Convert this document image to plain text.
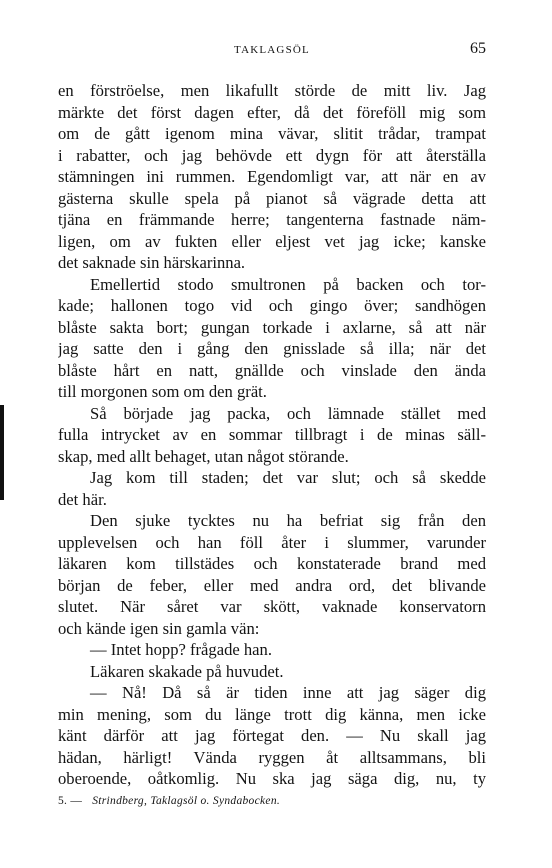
TAKLAGSÖL	65
en förströelse, men likafullt störde de mitt liv. Jag
märkte det först dagen efter, då det föreföll mig som
om de gått igenom mina vävar, slitit trådar, trampat
i rabatter, och jag behövde ett dygn för att återställa
stämningen ini rummen. Egendomligt var, att när en av
gästerna skulle spela på pianot så vägrade detta att
tjäna en främmande herre; tangenterna fastnade näm-
ligen, om av fukten eller eljest vet jag icke; kanske
det saknade sin härskarinna.
Emellertid stodo smultronen på backen och tor-
kade; hallonen togo vid och gingo över; sandhögen
blåste sakta bort; gungan torkade i axlarne, så att när
jag satte den i gång den gnisslade så illa; när det
blåste hårt en natt, gnällde och vinslade den ända
till morgonen som om den grät.
Så började jag packa, och lämnade stället med
fulla intrycket av en sommar tillbragt i de minas säll-
skap, med allt behaget, utan något störande.
Jag kom till staden; det var slut; och så skedde
det här.
Den sjuke tycktes nu ha befriat sig från den
upplevelsen och han föll åter i slummer, varunder
läkaren kom tillstädes och konstaterade brand med
början de feber, eller med andra ord, det blivande
slutet. När såret var skött, vaknade konservatorn
och kände igen sin gamla vän:
— Intet hopp? frågade han.
Läkaren skakade på huvudet.
— Nå! Då så är tiden inne att jag säger dig
min mening, som du länge trott dig känna, men icke
känt därför att jag förtegat den. — Nu skall jag
hädan, härligt! Vända ryggen åt alltsammans, bli
oberoende, oåtkomlig. Nu ska jag säga dig, nu, ty
5. — Strindberg, Taklagsöl o. Syndabocken.
